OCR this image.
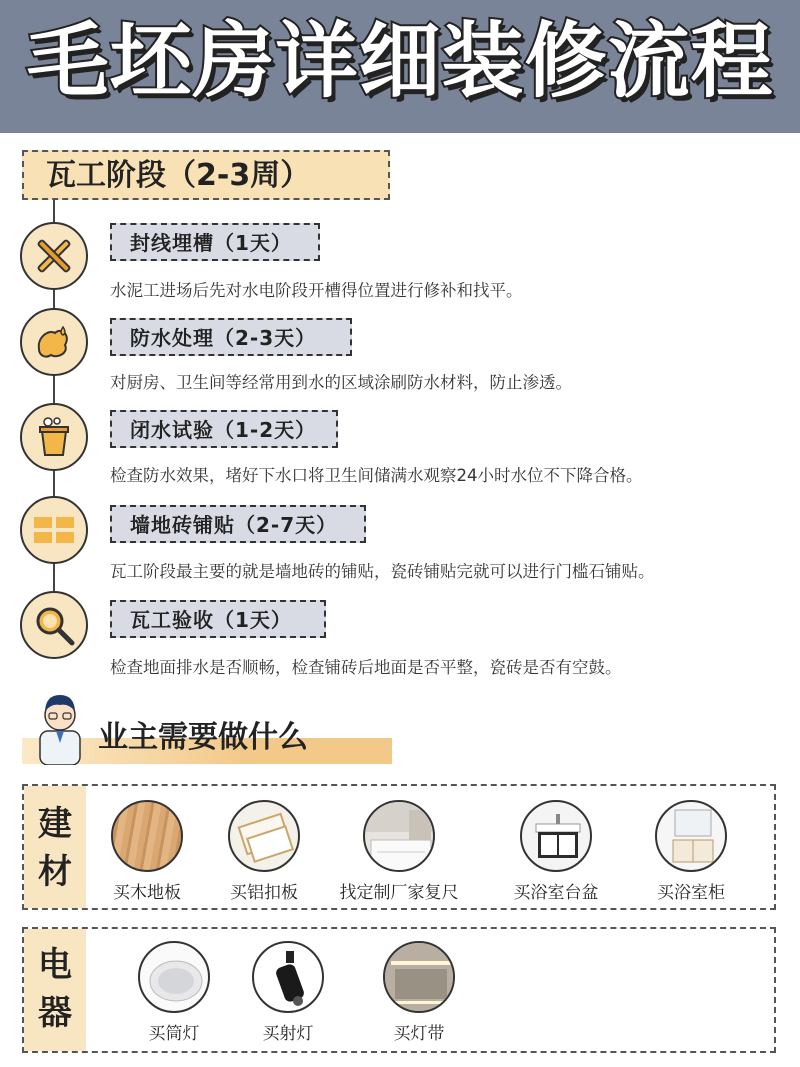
毛坯房详细装修流程
瓦工阶段（2-3周）
封线埋槽（1天）
水泥工进场后先对水电阶段开槽得位置进行修补和找平。
防水处理（2-3天）
对厨房、卫生间等经常用到水的区域涂刷防水材料，防止渗透。
闭水试验（1-2天）
检查防水效果，堵好下水口将卫生间储满水观察24小时水位不下降合格。
墙地砖铺贴（2-7天）
瓦工阶段最主要的就是墙地砖的铺贴，瓷砖铺贴完就可以进行门槛石铺贴。
瓦工验收（1天）
检查地面排水是否顺畅，检查铺砖后地面是否平整，瓷砖是否有空鼓。
业主需要做什么
建
材
买木地板	买铝扣板	找定制厂家复尺	买浴室台盆	买浴室柜
电
器
买筒灯	买射灯	买灯带
